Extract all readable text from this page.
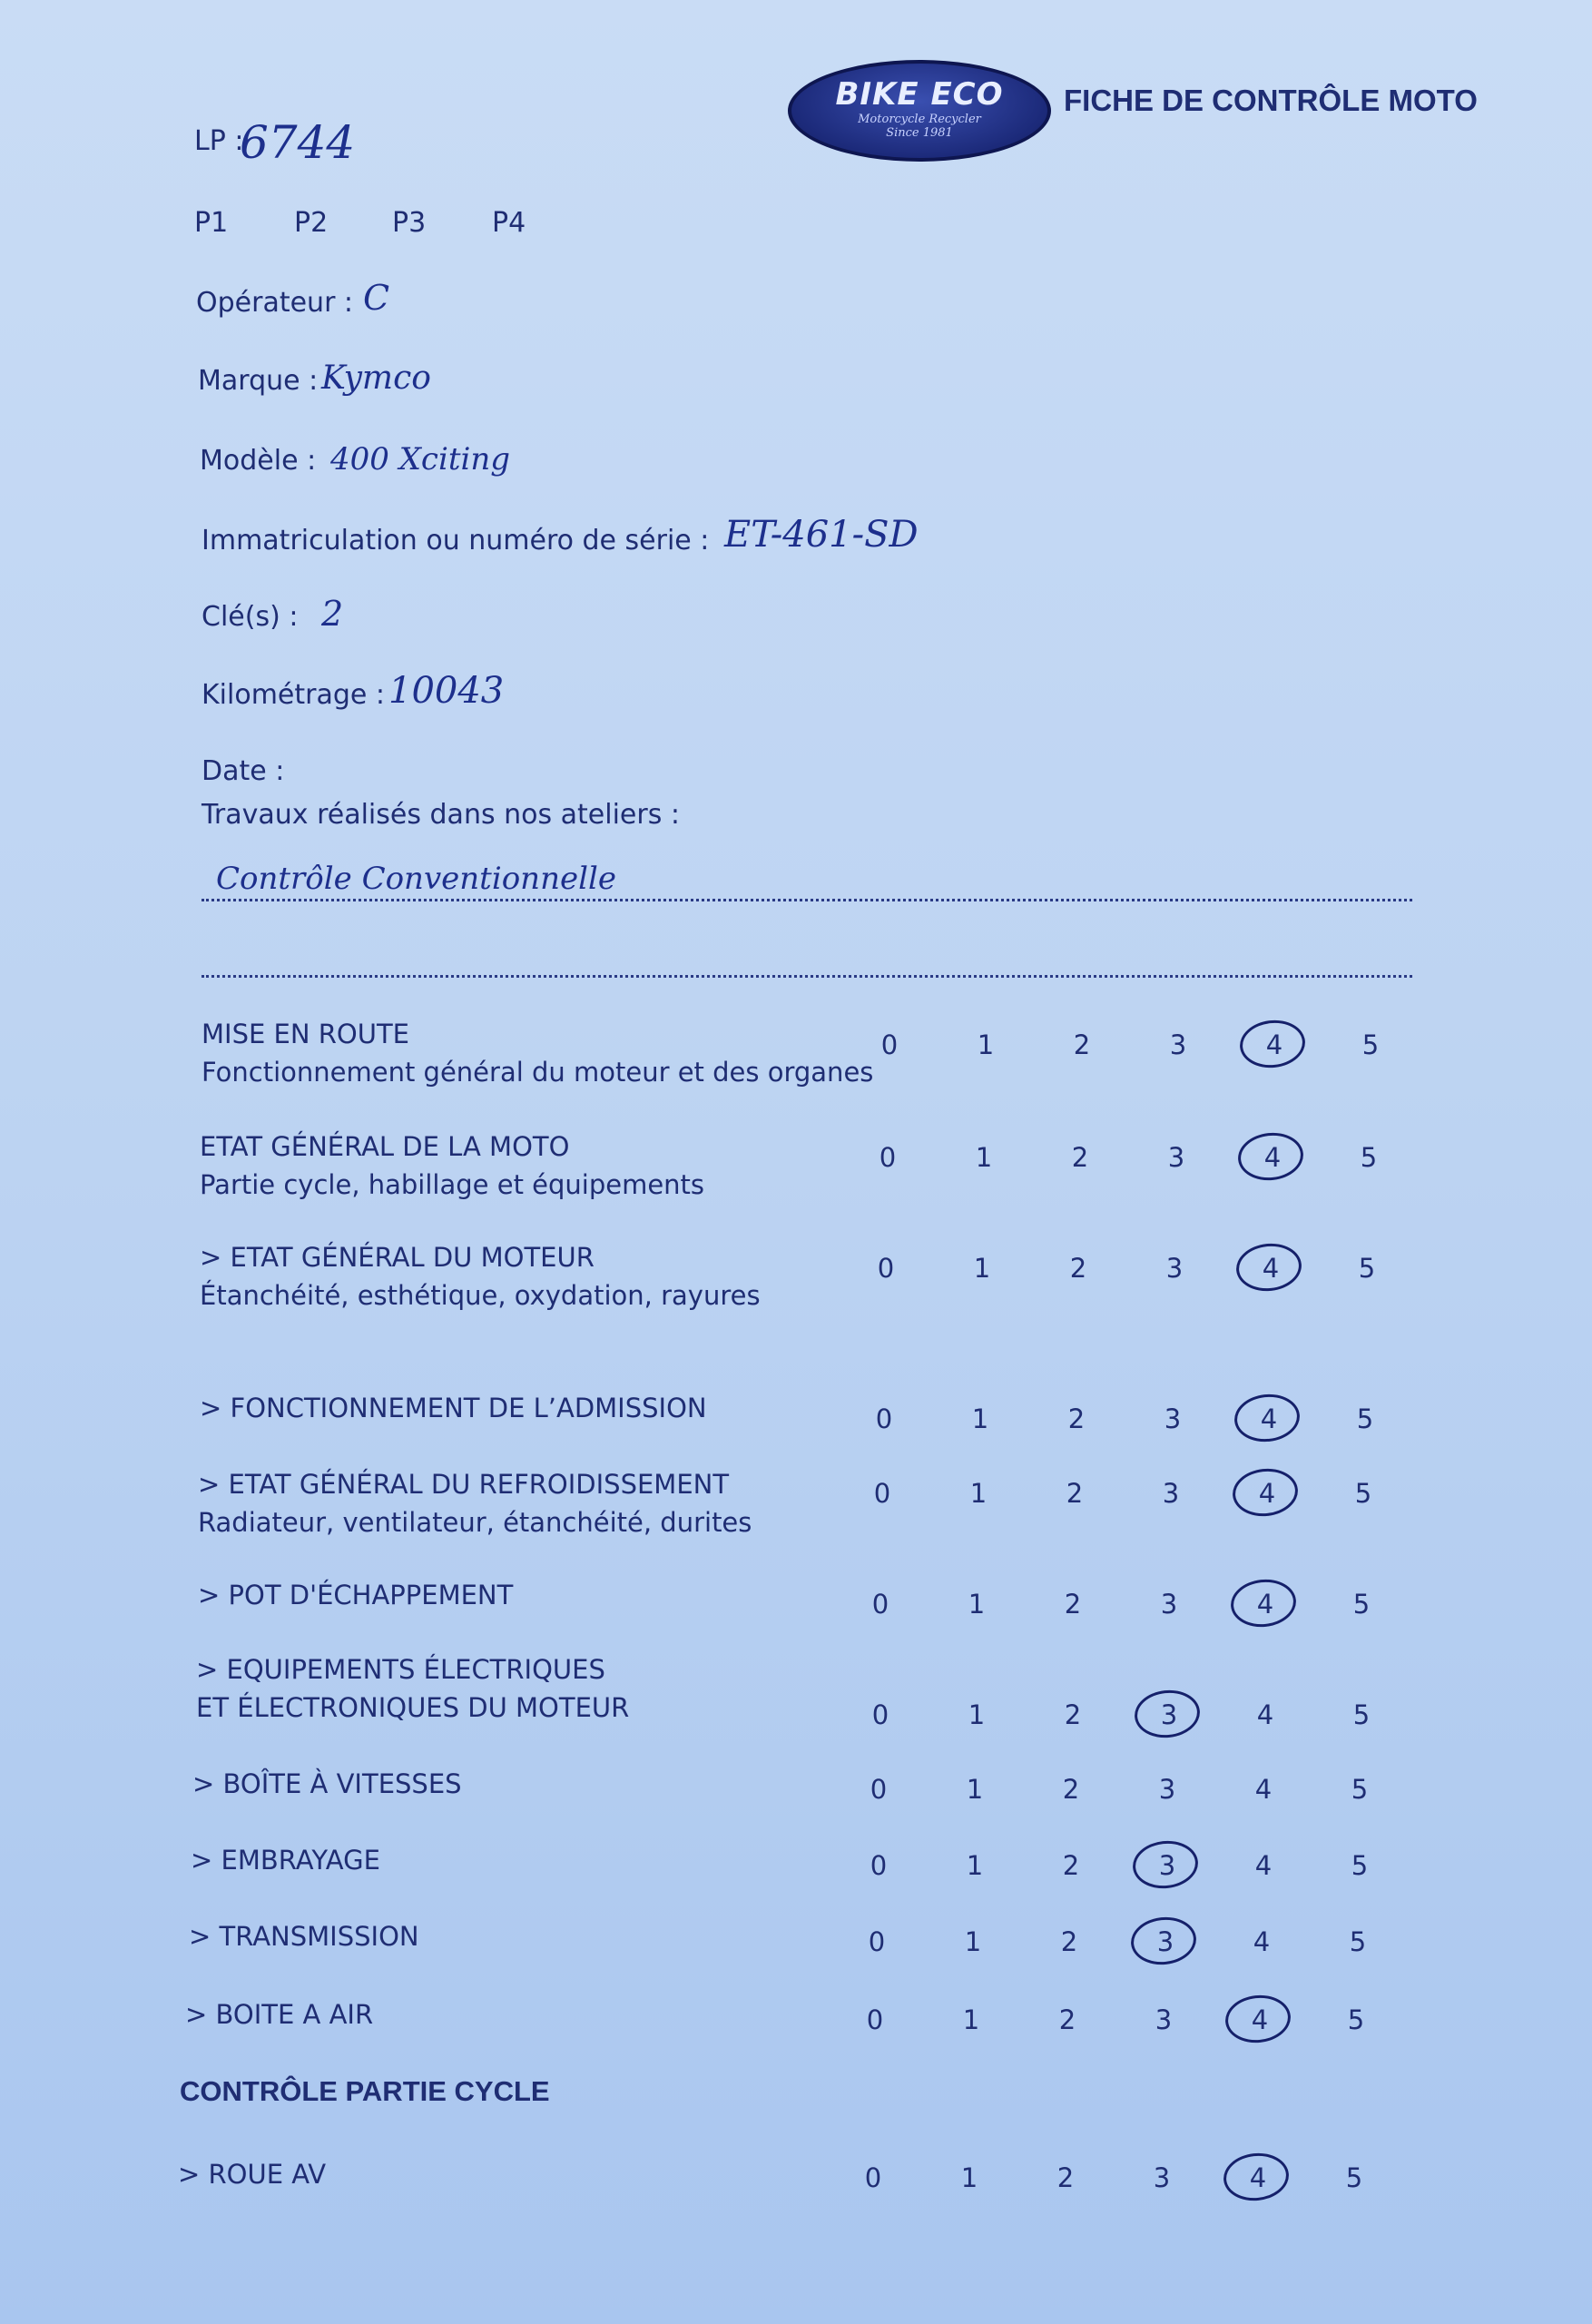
BIKE ECO
Motorcycle Recycler
Since 1981
FICHE DE CONTRÔLE MOTO
LP :
6744
P1 P2 P3 P4
Opérateur : C
Marque : Kymco
Modèle : 400 Xciting
Immatriculation ou numéro de série : ET-461-SD
Clé(s) : 2
Kilométrage : 10043
Date :
Travaux réalisés dans nos ateliers :
Contrôle Conventionnelle
MISE EN ROUTE
Fonctionnement général du moteur et des organes
0	1	2	3	4	5
ETAT GÉNÉRAL DE LA MOTO
Partie cycle, habillage et équipements
0	1	2	3	4	5
> ETAT GÉNÉRAL DU MOTEUR
Étanchéité, esthétique, oxydation, rayures
0	1	2	3	4	5
> FONCTIONNEMENT DE L’ADMISSION	0	1	2	3	4	5
> ETAT GÉNÉRAL DU REFROIDISSEMENT
Radiateur, ventilateur, étanchéité, durites
0	1	2	3	4	5
> POT D'ÉCHAPPEMENT	0	1	2	3	4	5
> EQUIPEMENTS ÉLECTRIQUES
ET ÉLECTRONIQUES DU MOTEUR	0	1	2	3	4	5
> BOÎTE À VITESSES	0	1	2	3	4	5
> EMBRAYAGE	0	1	2	3	4	5
> TRANSMISSION	0	1	2	3	4	5
> BOITE A AIR	0	1	2	3	4	5
CONTRÔLE PARTIE CYCLE
> ROUE AV	0	1	2	3	4	5
